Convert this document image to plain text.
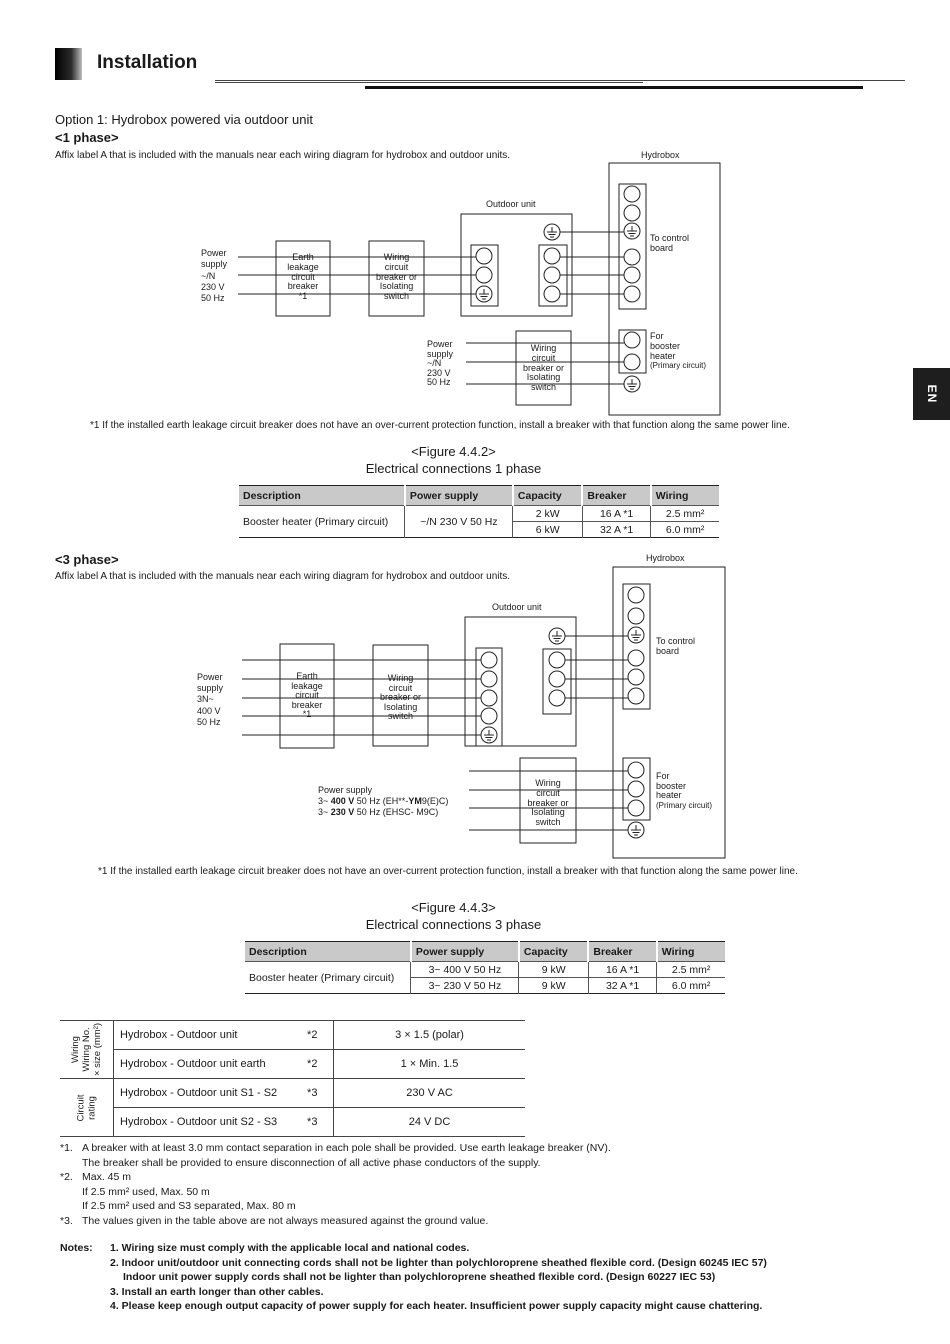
Installation
EN
Option 1: Hydrobox powered via outdoor unit
<1 phase>
Affix label A that is included with the manuals near each wiring diagram for hydrobox and outdoor units.	Hydrobox
Outdoor unit
Power
supply
~/N
230 V
50 Hz
Earth
leakage
circuit
breaker
*1
Wiring
circuit
breaker or
Isolating
switch
To control
board
For
booster
heater
(Primary circuit)
Power
supply
~/N
230 V
50 Hz
Wiring
circuit
breaker or
Isolating
switch
*1 If the installed earth leakage circuit breaker does not have an over-current protection function, install a breaker with that function along the same power line.
<Figure 4.4.2>
Electrical connections 1 phase
Description	Power supply	Capacity	Breaker	Wiring
Booster heater (Primary circuit)	~/N 230 V 50 Hz	2 kW	16 A *1	2.5 mm²
		6 kW	32 A *1	6.0 mm²
<3 phase>
Affix label A that is included with the manuals near each wiring diagram for hydrobox and outdoor units.
Hydrobox
Outdoor unit
Power
supply
3N~
400 V
50 Hz
Earth
leakage
circuit
breaker
*1
Wiring
circuit
breaker or
Isolating
switch
To control
board
For
booster
heater
(Primary circuit)
Power supply
3~ 400 V 50 Hz (EH**-YM9(E)C)
3~ 230 V 50 Hz (EHSC- M9C)
Wiring
circuit
breaker or
Isolating
switch
*1 If the installed earth leakage circuit breaker does not have an over-current protection function, install a breaker with that function along the same power line.
<Figure 4.4.3>
Electrical connections 3 phase
Description	Power supply	Capacity	Breaker	Wiring
Booster heater (Primary circuit)	3~ 400 V 50 Hz	9 kW	16 A *1	2.5 mm²
	3~ 230 V 50 Hz	9 kW	32 A *1	6.0 mm²
Wiring Wiring No. × size (mm²)	Hydrobox - Outdoor unit	*2	3 × 1.5 (polar)
	Hydrobox - Outdoor unit earth	*2	1 × Min. 1.5

Circuit rating	Hydrobox - Outdoor unit S1 - S2	*3	230 V AC
	Hydrobox - Outdoor unit S2 - S3	*3	24 V DC
*1. A breaker with at least 3.0 mm contact separation in each pole shall be provided. Use earth leakage breaker (NV).
The breaker shall be provided to ensure disconnection of all active phase conductors of the supply.
*2. Max. 45 m
If 2.5 mm² used, Max. 50 m
If 2.5 mm² used and S3 separated, Max. 80 m
*3. The values given in the table above are not always measured against the ground value.
Notes: 1. Wiring size must comply with the applicable local and national codes.
2. Indoor unit/outdoor unit connecting cords shall not be lighter than polychloroprene sheathed flexible cord. (Design 60245 IEC 57)
Indoor unit power supply cords shall not be lighter than polychloroprene sheathed flexible cord. (Design 60227 IEC 53)
3. Install an earth longer than other cables.
4. Please keep enough output capacity of power supply for each heater. Insufficient power supply capacity might cause chattering.
